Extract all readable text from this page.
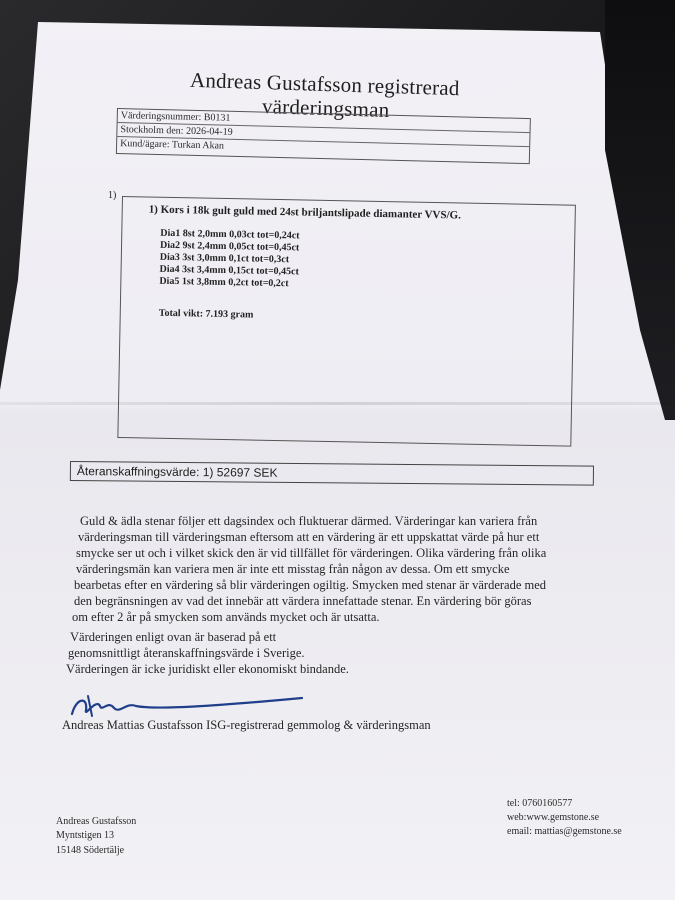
Andreas Gustafsson registrerad
värderingsman
Värderingsnummer: B0131
Stockholm den: 2026-04-19
Kund/ägare: Turkan Akan
1)
1) Kors i 18k gult guld med 24st briljantslipade diamanter VVS/G.
Dia1 8st 2,0mm 0,03ct tot=0,24ct
Dia2 9st 2,4mm 0,05ct tot=0,45ct
Dia3 3st 3,0mm 0,1ct tot=0,3ct
Dia4 3st 3,4mm 0,15ct tot=0,45ct
Dia5 1st 3,8mm 0,2ct tot=0,2ct
Total vikt: 7.193 gram
Återanskaffningsvärde: 1) 52697 SEK
Guld & ädla stenar följer ett dagsindex och fluktuerar därmed. Värderingar kan variera från
värderingsman till värderingsman eftersom att en värdering är ett uppskattat värde på hur ett
smycke ser ut och i vilket skick den är vid tillfället för värderingen. Olika värdering från olika
värderingsmän kan variera men är inte ett misstag från någon av dessa. Om ett smycke
bearbetas efter en värdering så blir värderingen ogiltig. Smycken med stenar är värderade med
den begränsningen av vad det innebär att värdera innefattade stenar. En värdering bör göras
om efter 2 år på smycken som används mycket och är utsatta.
Värderingen enligt ovan är baserad på ett
genomsnittligt återanskaffningsvärde i Sverige.
Värderingen är icke juridiskt eller ekonomiskt bindande.
Andreas Mattias Gustafsson ISG-registrerad gemmolog & värderingsman
Andreas Gustafsson
Myntstigen 13
15148 Södertälje
tel: 0760160577
web:www.gemstone.se
email: mattias@gemstone.se
